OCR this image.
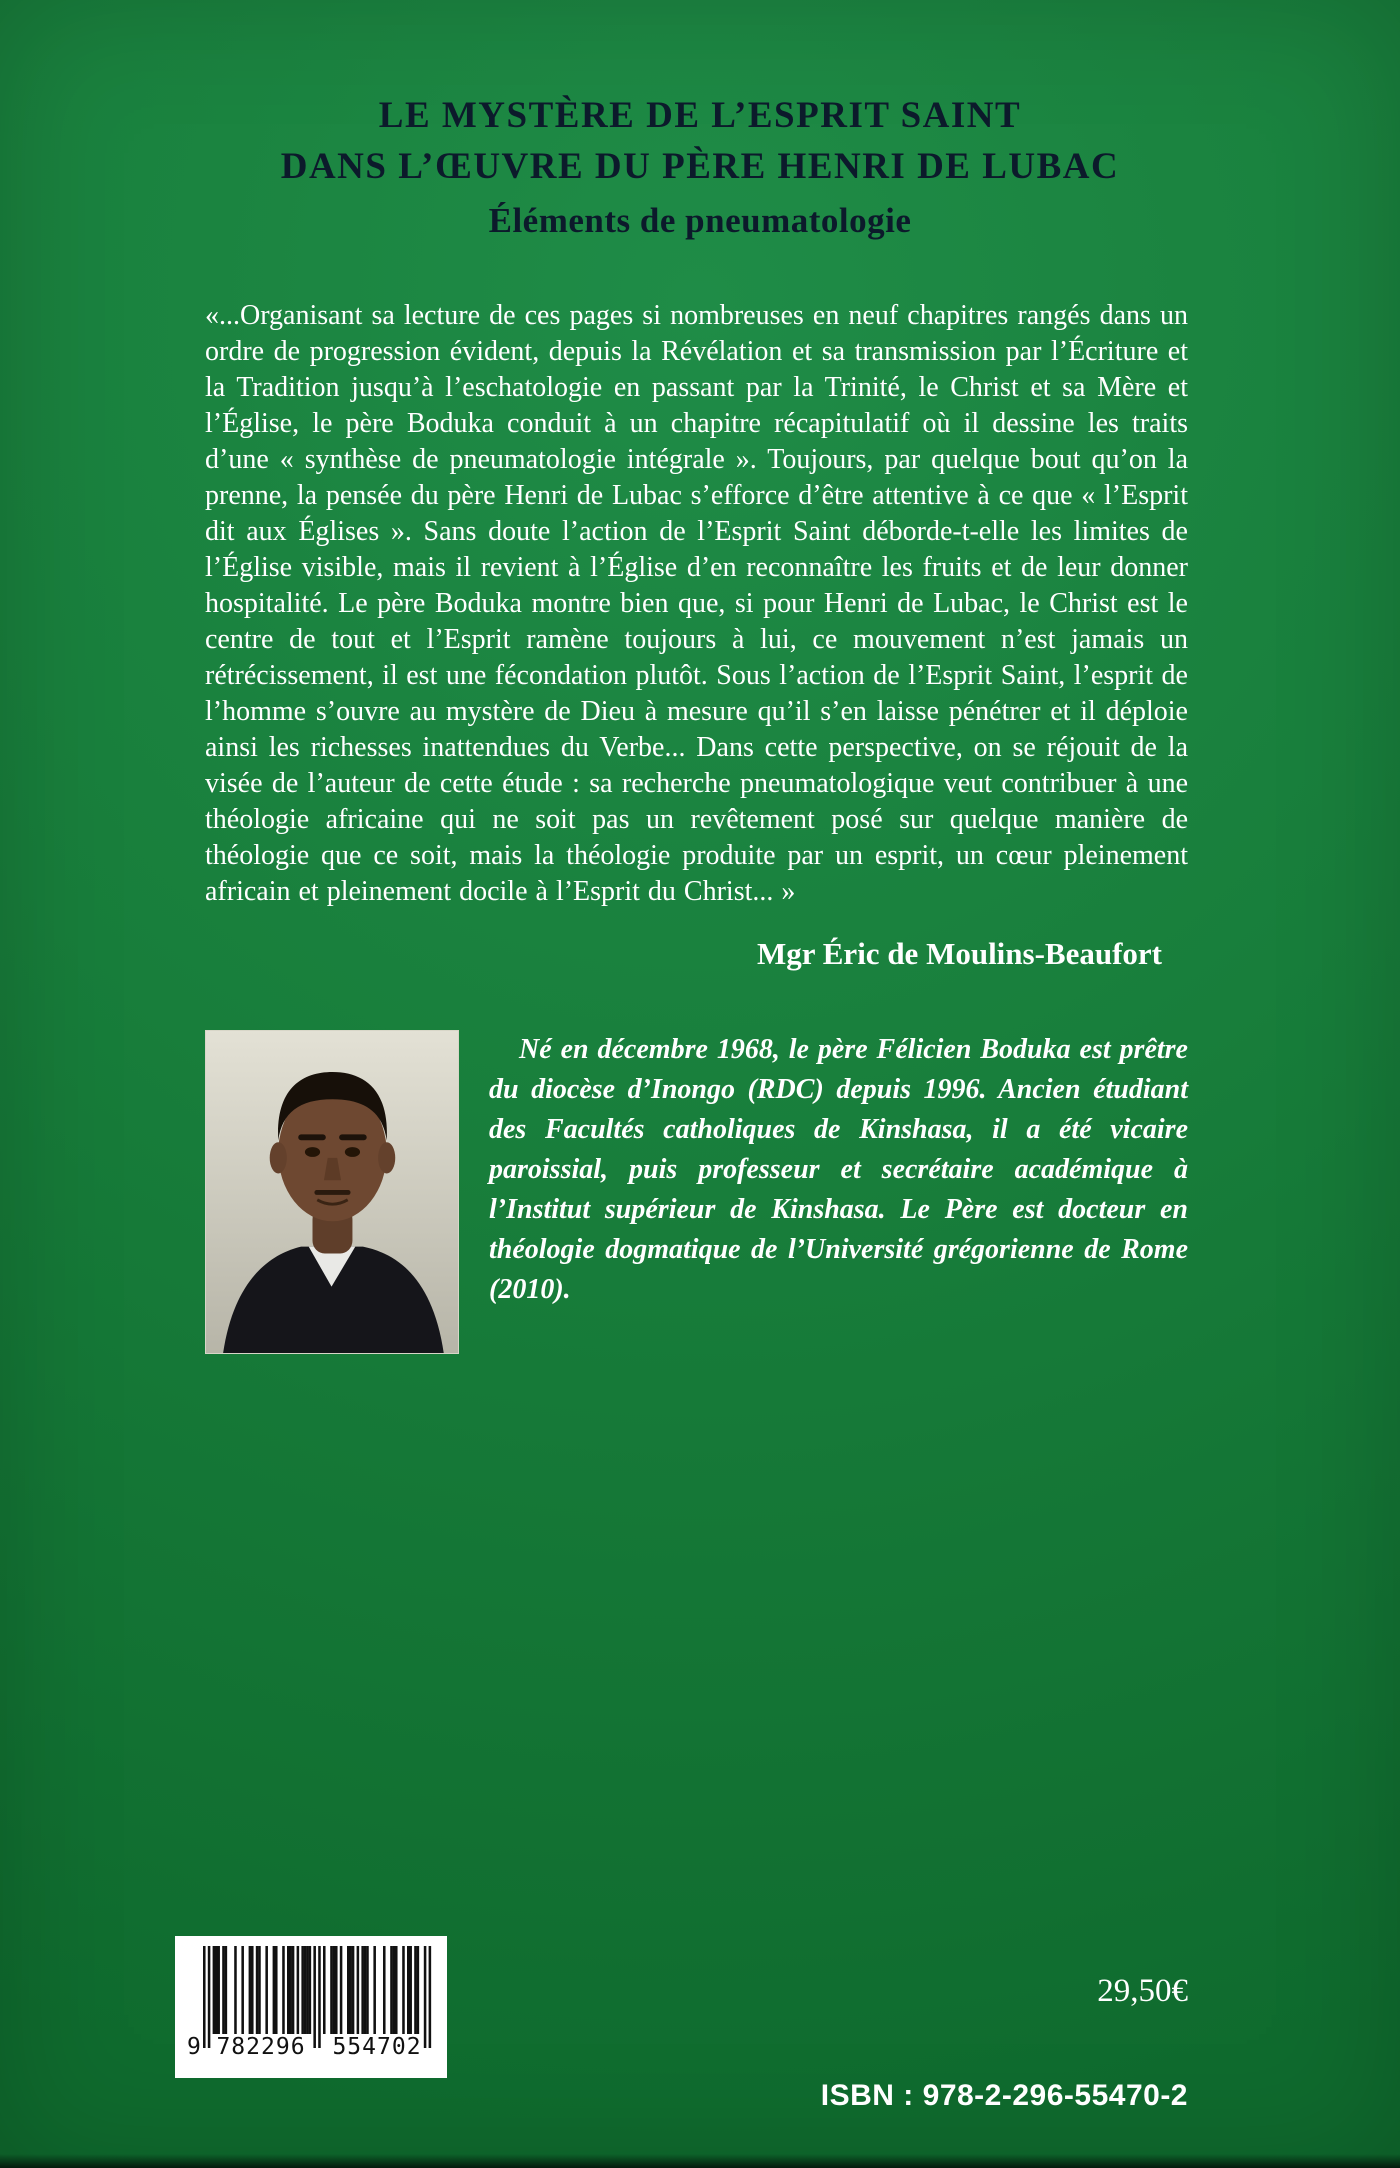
LE MYSTÈRE DE L’ESPRIT SAINT
DANS L’ŒUVRE DU PÈRE HENRI DE LUBAC
Éléments de pneumatologie

«...Organisant sa lecture de ces pages si nombreuses en neuf chapitres rangés dans un ordre de progression évident, depuis la Révélation et sa transmission par l’Écriture et la Tradition jusqu’à l’eschatologie en passant par la Trinité, le Christ et sa Mère et l’Église, le père Boduka conduit à un chapitre récapitulatif où il dessine les traits d’une « synthèse de pneumatologie intégrale ». Toujours, par quelque bout qu’on la prenne, la pensée du père Henri de Lubac s’efforce d’être attentive à ce que « l’Esprit dit aux Églises ». Sans doute l’action de l’Esprit Saint déborde-t-elle les limites de l’Église visible, mais il revient à l’Église d’en reconnaître les fruits et de leur donner hospitalité. Le père Boduka montre bien que, si pour Henri de Lubac, le Christ est le centre de tout et l’Esprit ramène toujours à lui, ce mouvement n’est jamais un rétrécissement, il est une fécondation plutôt. Sous l’action de l’Esprit Saint, l’esprit de l’homme s’ouvre au mystère de Dieu à mesure qu’il s’en laisse pénétrer et il déploie ainsi les richesses inattendues du Verbe... Dans cette perspective, on se réjouit de la visée de l’auteur de cette étude : sa recherche pneumatologique veut contribuer à une théologie africaine qui ne soit pas un revêtement posé sur quelque manière de théologie que ce soit, mais la théologie produite par un esprit, un cœur pleinement africain et pleinement docile à l’Esprit du Christ... »

Mgr Éric de Moulins-Beaufort

Né en décembre 1968, le père Félicien Boduka est prêtre du diocèse d’Inongo (RDC) depuis 1996. Ancien étudiant des Facultés catholiques de Kinshasa, il a été vicaire paroissial, puis professeur et secrétaire académique à l’Institut supérieur de Kinshasa. Le Père est docteur en théologie dogmatique de l’Université grégorienne de Rome (2010).

9 782296	554702
29,50€
ISBN : 978-2-296-55470-2
